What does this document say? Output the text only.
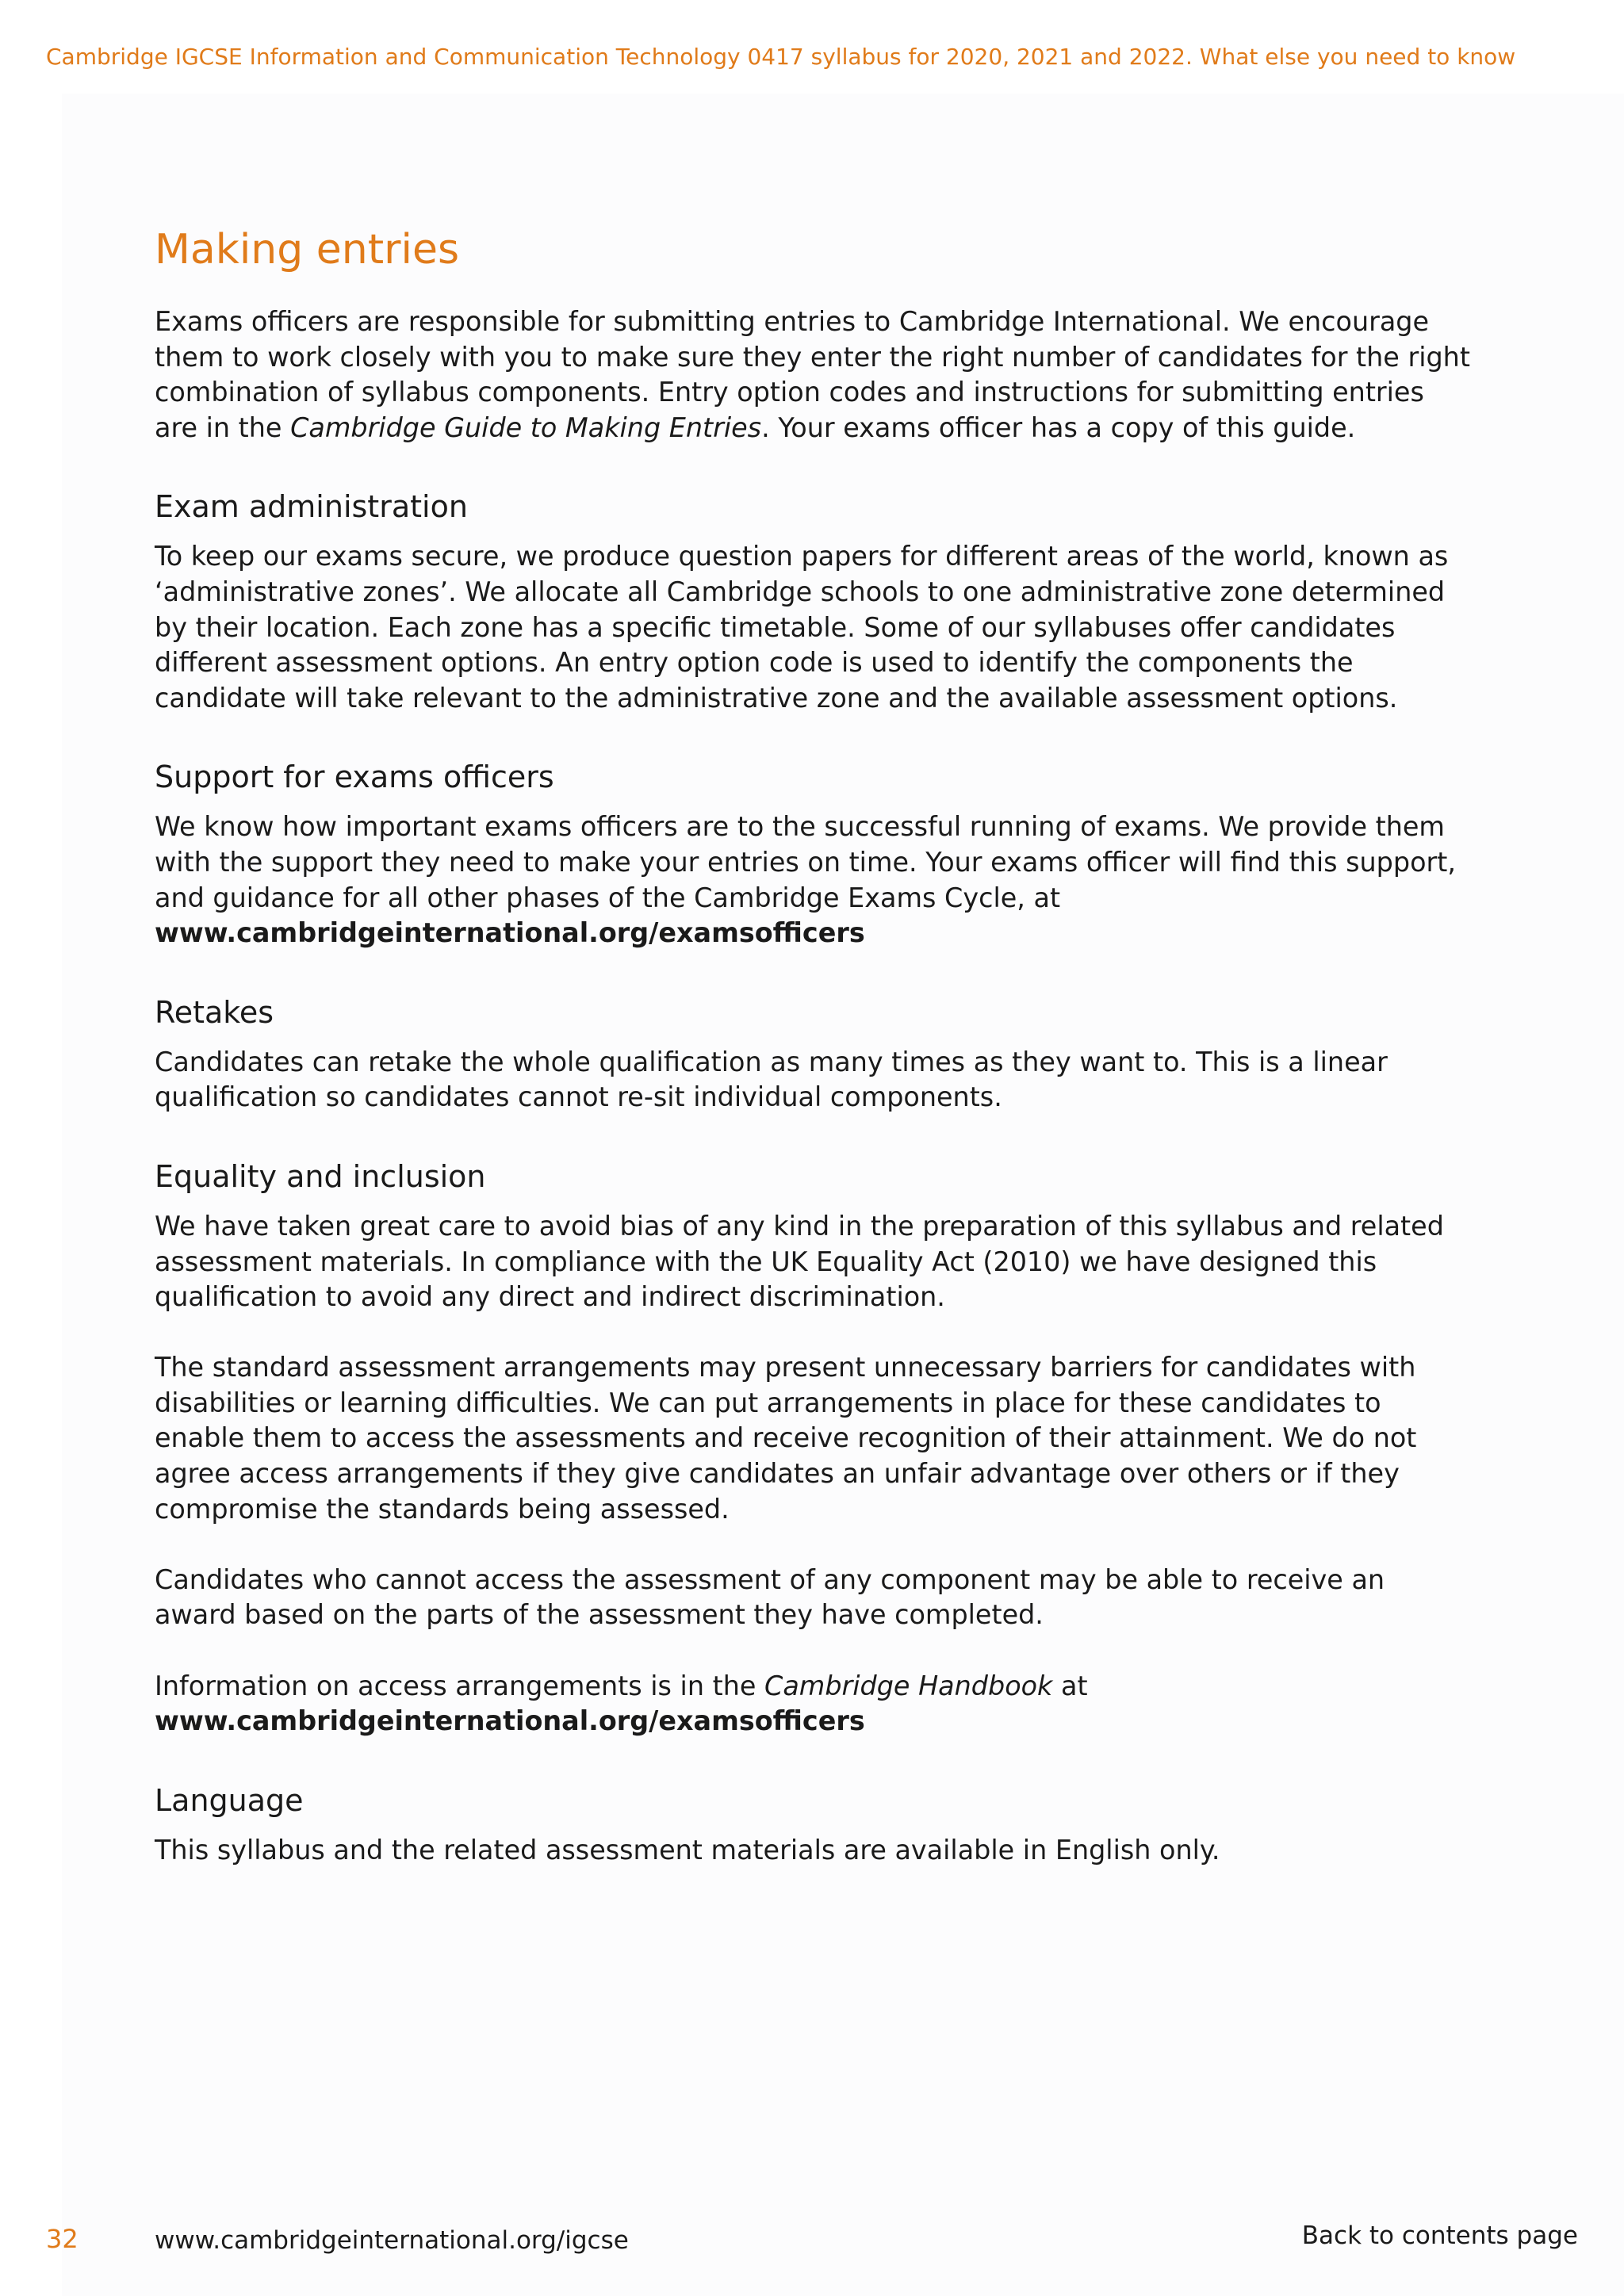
Cambridge IGCSE Information and Communication Technology 0417 syllabus for 2020, 2021 and 2022. What else you need to know
Making entries

Exams officers are responsible for submitting entries to Cambridge International. We encourage them to work closely with you to make sure they enter the right number of candidates for the right combination of syllabus components. Entry option codes and instructions for submitting entries are in the Cambridge Guide to Making Entries. Your exams officer has a copy of this guide.

Exam administration

To keep our exams secure, we produce question papers for different areas of the world, known as ‘administrative zones’. We allocate all Cambridge schools to one administrative zone determined by their location. Each zone has a specific timetable. Some of our syllabuses offer candidates different assessment options. An entry option code is used to identify the components the candidate will take relevant to the administrative zone and the available assessment options.

Support for exams officers

We know how important exams officers are to the successful running of exams. We provide them with the support they need to make your entries on time. Your exams officer will find this support, and guidance for all other phases of the Cambridge Exams Cycle, at www.cambridgeinternational.org/examsofficers

Retakes

Candidates can retake the whole qualification as many times as they want to. This is a linear qualification so candidates cannot re-sit individual components.

Equality and inclusion

We have taken great care to avoid bias of any kind in the preparation of this syllabus and related assessment materials. In compliance with the UK Equality Act (2010) we have designed this qualification to avoid any direct and indirect discrimination.

The standard assessment arrangements may present unnecessary barriers for candidates with disabilities or learning difficulties. We can put arrangements in place for these candidates to enable them to access the assessments and receive recognition of their attainment. We do not agree access arrangements if they give candidates an unfair advantage over others or if they compromise the standards being assessed.

Candidates who cannot access the assessment of any component may be able to receive an award based on the parts of the assessment they have completed.

Information on access arrangements is in the Cambridge Handbook at
www.cambridgeinternational.org/examsofficers

Language

This syllabus and the related assessment materials are available in English only.

32	www.cambridgeinternational.org/igcse	Back to contents page
